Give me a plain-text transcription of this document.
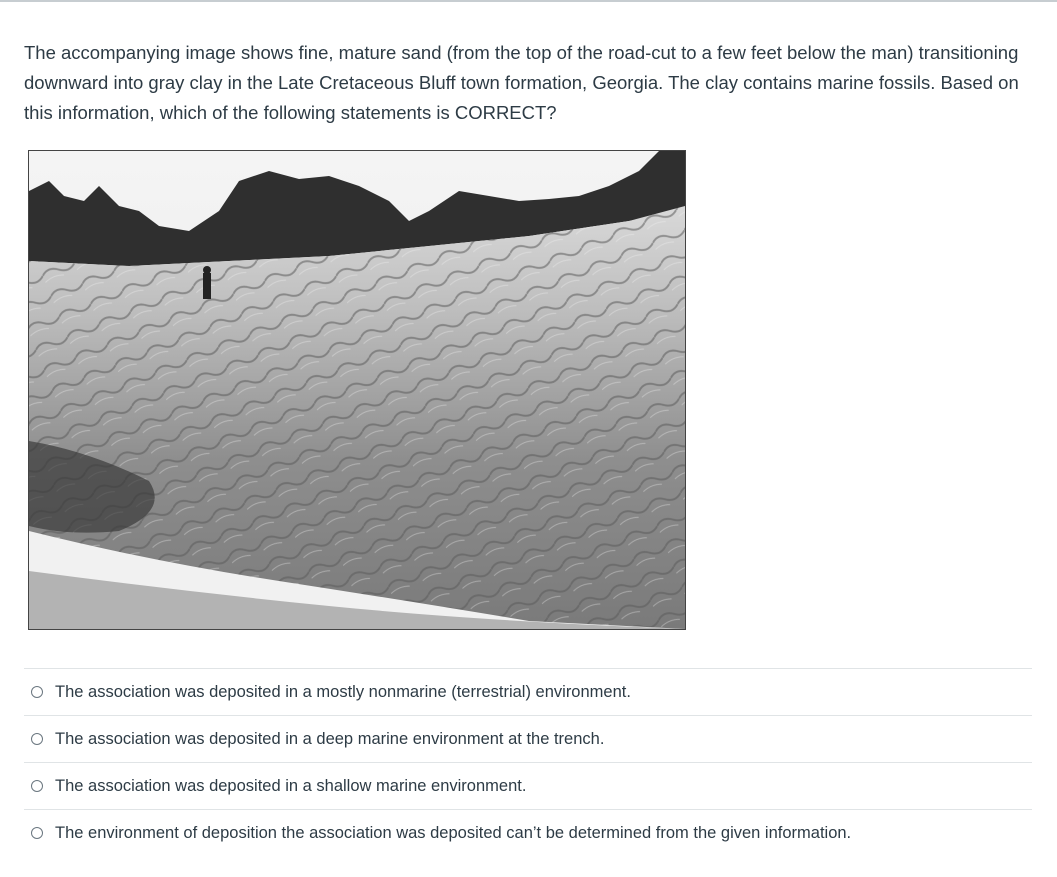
The accompanying image shows fine, mature sand (from the top of the road-cut to a few feet below the man) transitioning downward into gray clay in the Late Cretaceous Bluff town formation, Georgia. The clay contains marine fossils. Based on this information, which of the following statements is CORRECT?
The association was deposited in a mostly nonmarine (terrestrial) environment.
The association was deposited in a deep marine environment at the trench.
The association was deposited in a shallow marine environment.
The environment of deposition the association was deposited can’t be determined from the given information.
